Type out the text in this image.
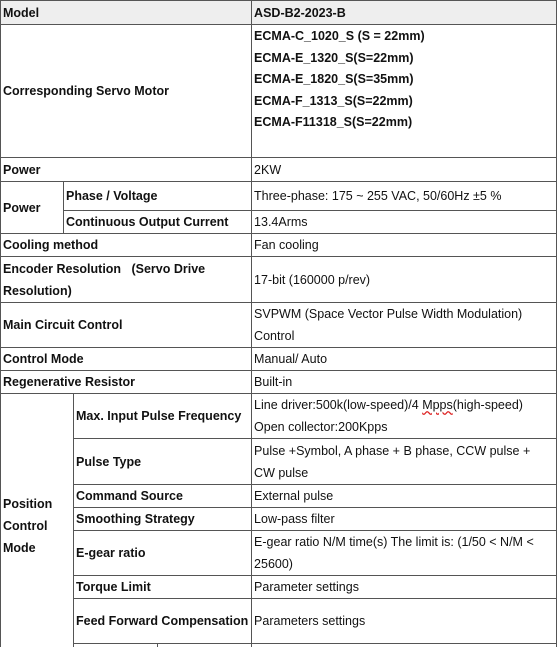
Model				ASD-B2-2023-B
Corresponding Servo Motor				ECMA-C_1020_S (S = 22mm)
ECMA-E_1320_S(S=22mm)
ECMA-E_1820_S(S=35mm)
ECMA-F_1313_S(S=22mm)
ECMA-F11318_S(S=22mm)

Power				2KW
Power	Phase / Voltage			Three-phase: 175 ~ 255 VAC, 50/60Hz ±5 %
	Continuous Output Current			13.4Arms
Cooling method				Fan cooling
Encoder Resolution   (Servo Drive Resolution)				17-bit (160000 p/rev)
Main Circuit Control				SVPWM (Space Vector Pulse Width Modulation) Control
Control Mode				Manual/ Auto
Regenerative Resistor				Built-in
Position Control Mode		Max. Input Pulse Frequency		Line driver:500k(low-speed)/4 Mpps(high-speed)
Open collector:200Kpps
		Pulse Type		Pulse +Symbol, A phase + B phase, CCW pulse + CW pulse
		Command Source		External pulse
		Smoothing Strategy		Low-pass filter
		E-gear ratio		E-gear ratio N/M time(s) The limit is: (1/50 < N/M < 25600)
		Torque Limit		Parameter settings
		Feed Forward Compensation		Parameters settings
